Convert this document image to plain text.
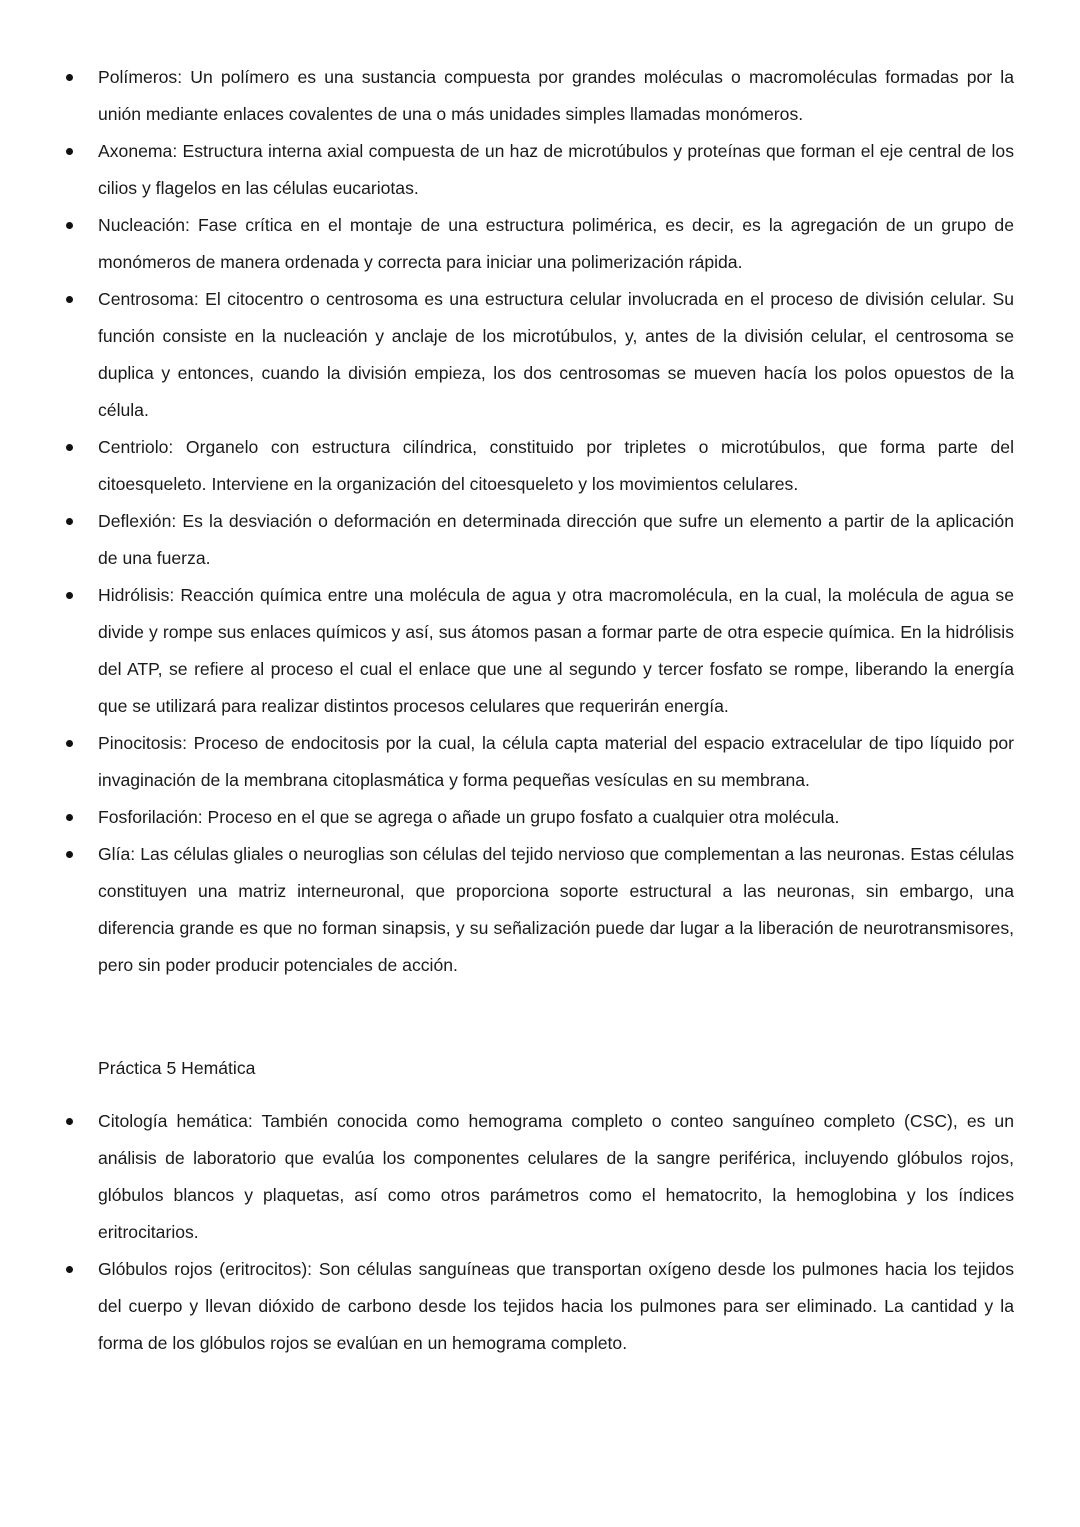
Polímeros: Un polímero es una sustancia compuesta por grandes moléculas o macromoléculas formadas por la unión mediante enlaces covalentes de una o más unidades simples llamadas monómeros.
Axonema: Estructura interna axial compuesta de un haz de microtúbulos y proteínas que forman el eje central de los cilios y flagelos en las células eucariotas.
Nucleación: Fase crítica en el montaje de una estructura polimérica, es decir, es la agregación de un grupo de monómeros de manera ordenada y correcta para iniciar una polimerización rápida.
Centrosoma: El citocentro o centrosoma es una estructura celular involucrada en el proceso de división celular. Su función consiste en la nucleación y anclaje de los microtúbulos, y, antes de la división celular, el centrosoma se duplica y entonces, cuando la división empieza, los dos centrosomas se mueven hacía los polos opuestos de la célula.
Centriolo: Organelo con estructura cilíndrica, constituido por tripletes o microtúbulos, que forma parte del citoesqueleto. Interviene en la organización del citoesqueleto y los movimientos celulares.
Deflexión: Es la desviación o deformación en determinada dirección que sufre un elemento a partir de la aplicación de una fuerza.
Hidrólisis: Reacción química entre una molécula de agua y otra macromolécula, en la cual, la molécula de agua se divide y rompe sus enlaces químicos y así, sus átomos pasan a formar parte de otra especie química. En la hidrólisis del ATP, se refiere al proceso el cual el enlace que une al segundo y tercer fosfato se rompe, liberando la energía que se utilizará para realizar distintos procesos celulares que requerirán energía.
Pinocitosis: Proceso de endocitosis por la cual, la célula capta material del espacio extracelular de tipo líquido por invaginación de la membrana citoplasmática y forma pequeñas vesículas en su membrana.
Fosforilación: Proceso en el que se agrega o añade un grupo fosfato a cualquier otra molécula.
Glía: Las células gliales o neuroglias son células del tejido nervioso que complementan a las neuronas. Estas células constituyen una matriz interneuronal, que proporciona soporte estructural a las neuronas, sin embargo, una diferencia grande es que no forman sinapsis, y su señalización puede dar lugar a la liberación de neurotransmisores, pero sin poder producir potenciales de acción.
Práctica 5 Hemática
Citología hemática: También conocida como hemograma completo o conteo sanguíneo completo (CSC), es un análisis de laboratorio que evalúa los componentes celulares de la sangre periférica, incluyendo glóbulos rojos, glóbulos blancos y plaquetas, así como otros parámetros como el hematocrito, la hemoglobina y los índices eritrocitarios.
Glóbulos rojos (eritrocitos): Son células sanguíneas que transportan oxígeno desde los pulmones hacia los tejidos del cuerpo y llevan dióxido de carbono desde los tejidos hacia los pulmones para ser eliminado. La cantidad y la forma de los glóbulos rojos se evalúan en un hemograma completo.
